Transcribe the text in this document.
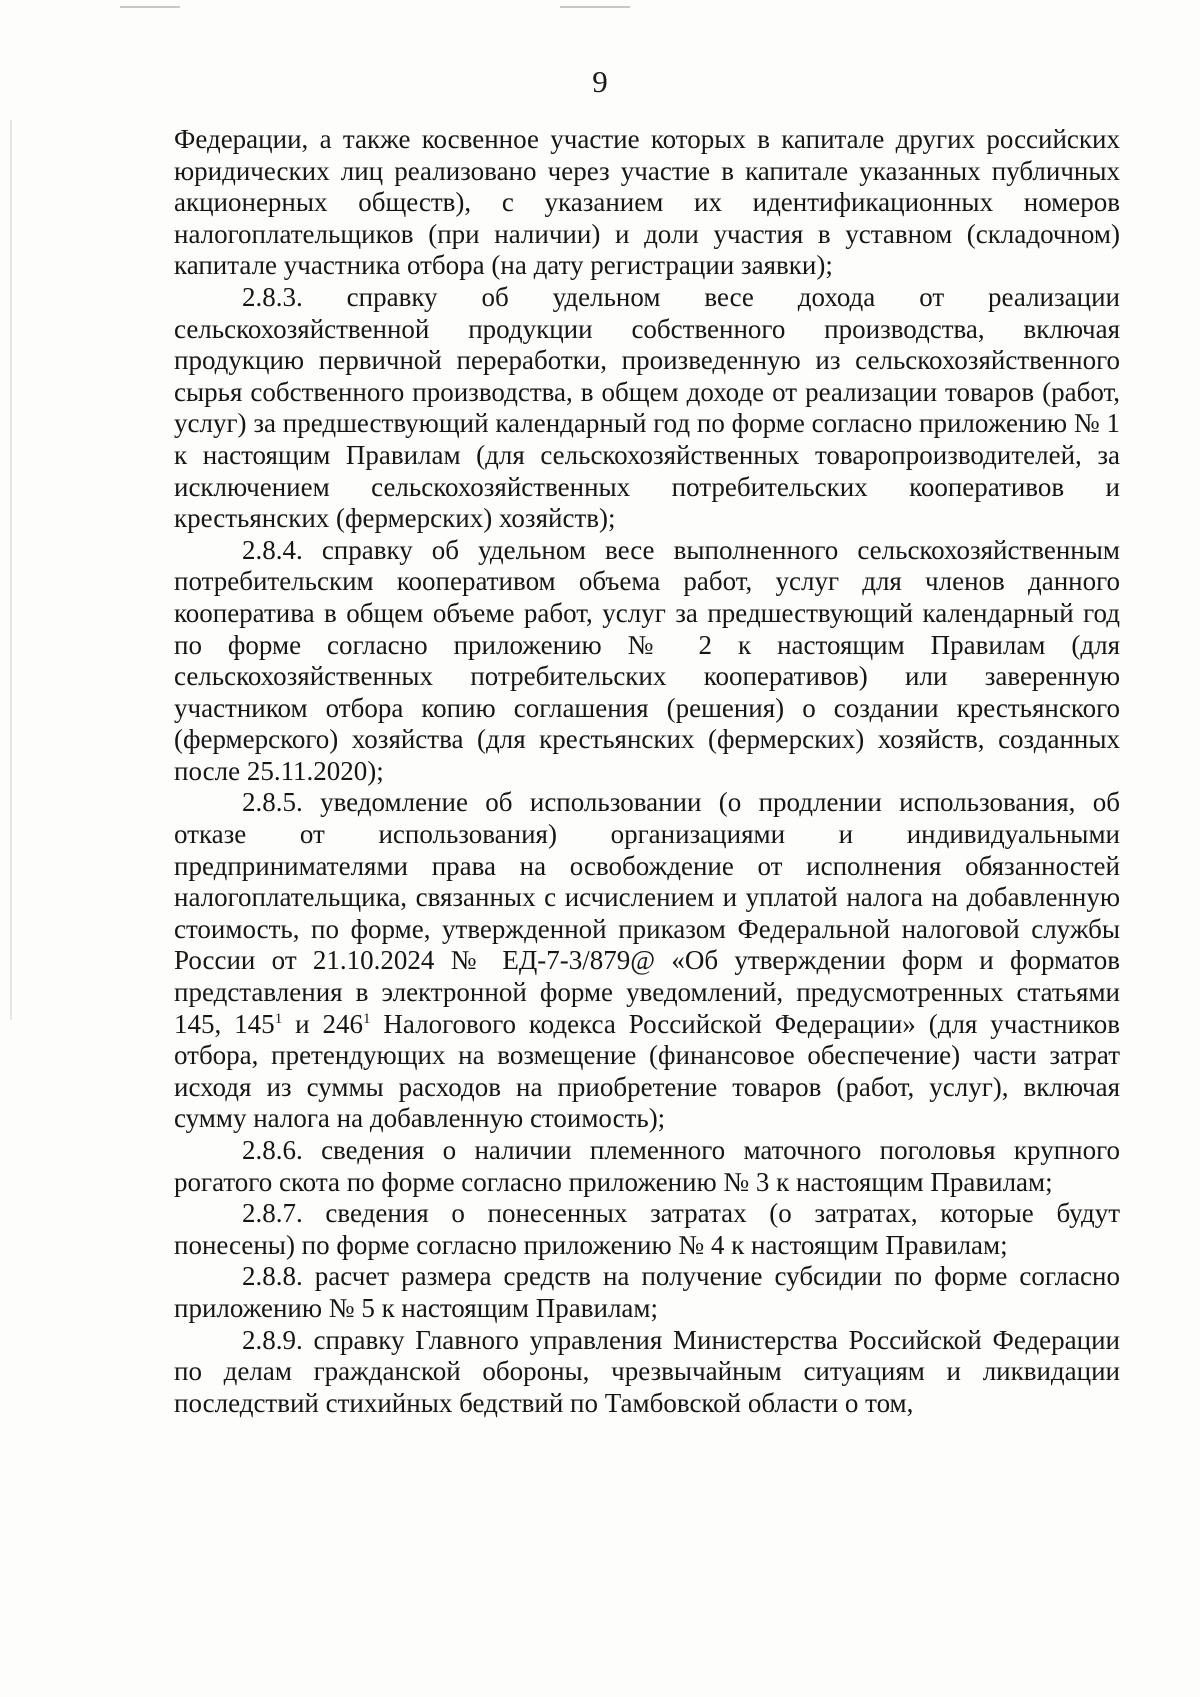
9

Федерации, а также косвенное участие которых в капитале других российских юридических лиц реализовано через участие в капитале указанных публичных акционерных обществ), с указанием их идентификационных номеров налогоплательщиков (при наличии) и доли участия в уставном (складочном) капитале участника отбора (на дату регистрации заявки);

2.8.3. справку об удельном весе дохода от реализации сельскохозяйственной продукции собственного производства, включая продукцию первичной переработки, произведенную из сельскохозяйственного сырья собственного производства, в общем доходе от реализации товаров (работ, услуг) за предшествующий календарный год по форме согласно приложению № 1 к настоящим Правилам (для сельскохозяйственных товаропроизводителей, за исключением сельскохозяйственных потребительских кооперативов и крестьянских (фермерских) хозяйств);

2.8.4. справку об удельном весе выполненного сельскохозяйственным потребительским кооперативом объема работ, услуг для членов данного кооператива в общем объеме работ, услуг за предшествующий календарный год по форме согласно приложению № 2 к настоящим Правилам (для сельскохозяйственных потребительских кооперативов) или заверенную участником отбора копию соглашения (решения) о создании крестьянского (фермерского) хозяйства (для крестьянских (фермерских) хозяйств, созданных после 25.11.2020);

2.8.5. уведомление об использовании (о продлении использования, об отказе от использования) организациями и индивидуальными предпринимателями права на освобождение от исполнения обязанностей налогоплательщика, связанных с исчислением и уплатой налога на добавленную стоимость, по форме, утвержденной приказом Федеральной налоговой службы России от 21.10.2024 № ЕД-7-3/879@ «Об утверждении форм и форматов представления в электронной форме уведомлений, предусмотренных статьями 145, $145^1$ и $246^1$ Налогового кодекса Российской Федерации» (для участников отбора, претендующих на возмещение (финансовое обеспечение) части затрат исходя из суммы расходов на приобретение товаров (работ, услуг), включая сумму налога на добавленную стоимость);

2.8.6. сведения о наличии племенного маточного поголовья крупного рогатого скота по форме согласно приложению № 3 к настоящим Правилам;

2.8.7. сведения о понесенных затратах (о затратах, которые будут понесены) по форме согласно приложению № 4 к настоящим Правилам;

2.8.8. расчет размера средств на получение субсидии по форме согласно приложению № 5 к настоящим Правилам;

2.8.9. справку Главного управления Министерства Российской Федерации по делам гражданской обороны, чрезвычайным ситуациям и ликвидации последствий стихийных бедствий по Тамбовской области о том,
